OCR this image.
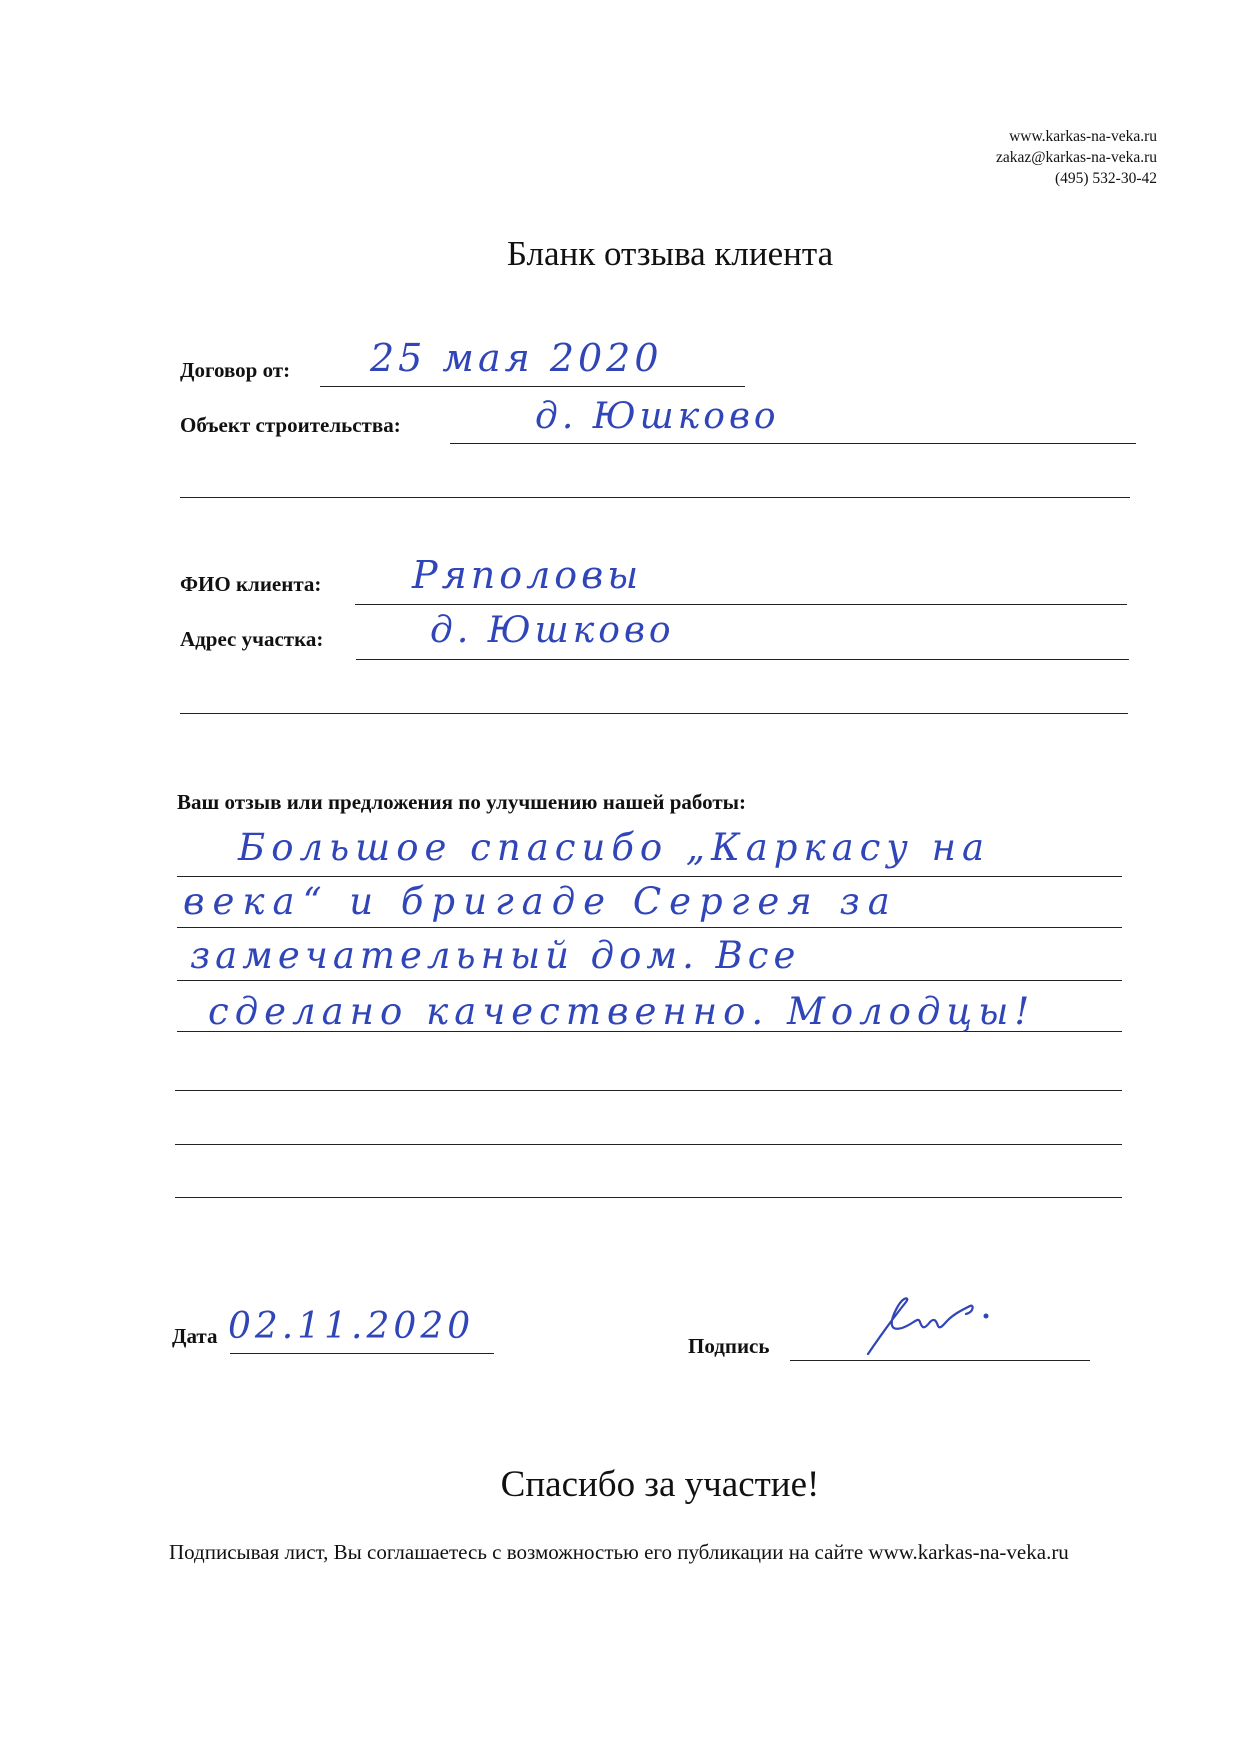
www.karkas-na-veka.ru
zakaz@karkas-na-veka.ru
(495) 532-30-42
Бланк отзыва клиента
Договор от: 25 мая 2020
Объект строительства:	д. Юшково
ФИО клиента: Ряполовы
Адрес участка:	д. Юшково
Ваш отзыв или предложения по улучшению нашей работы:
Большое спасибо „Каркасу на
века“ и бригаде Сергея за
замечательный дом. Все
сделано качественно. Молодцы!
Дата 02.11.2020	Подпись
Спасибо за участие!
Подписывая лист, Вы соглашаетесь с возможностью его публикации на сайте www.karkas-na-veka.ru
